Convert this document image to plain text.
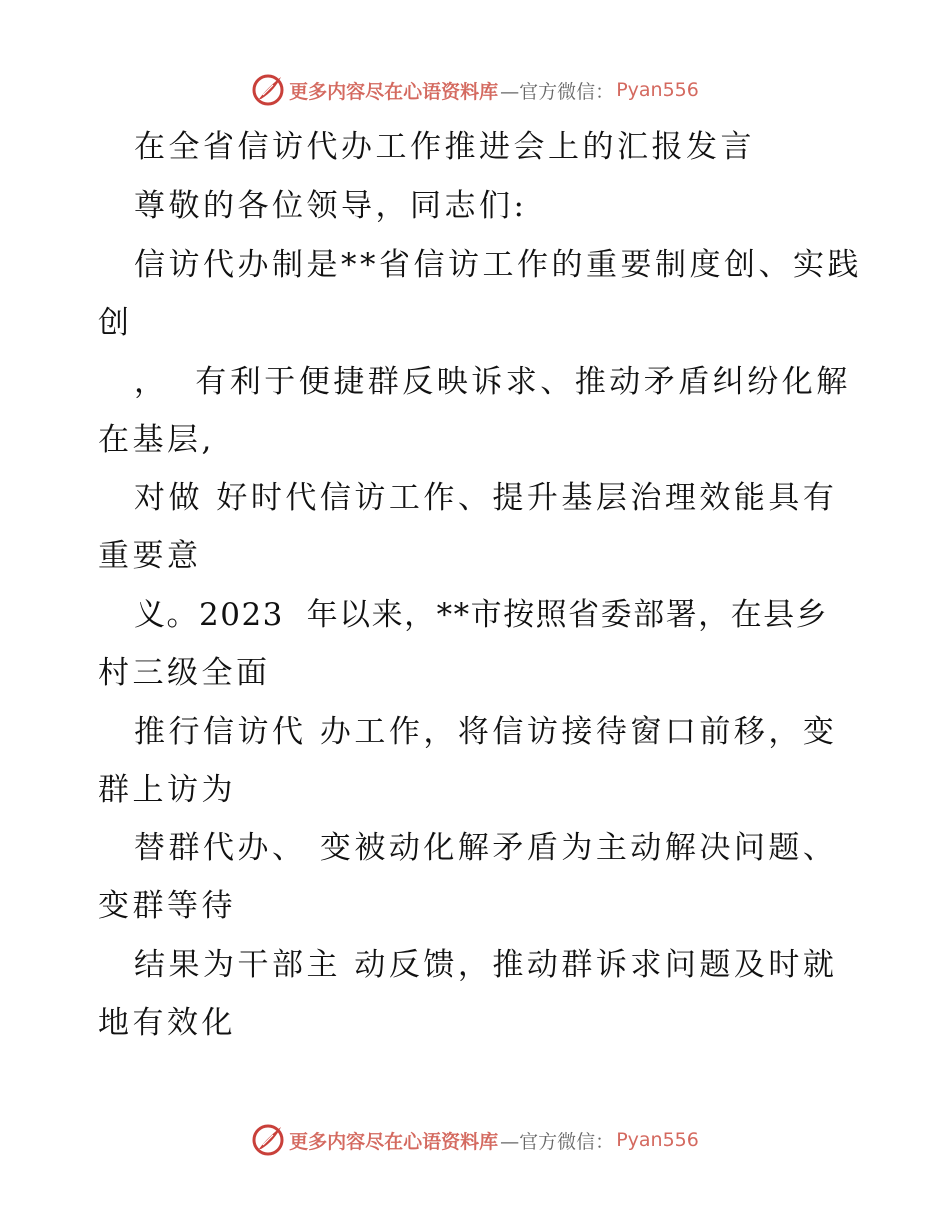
更多内容尽在心语资料库 —官方微信： Pyan556
在全省信访代办工作推进会上的汇报发言
尊敬的各位领导，同志们:
信访代办制是**省信访工作的重要制度创、实践
创
，  有利于便捷群反映诉求、推动矛盾纠纷化解
在基层,
对做 好时代信访工作、提升基层治理效能具有
重要意
义。2023  年以来，**市按照省委部署，在县乡
村三级全面
推行信访代 办工作，将信访接待窗口前移，变
群上访为
替群代办、 变被动化解矛盾为主动解决问题、
变群等待
结果为干部主 动反馈，推动群诉求问题及时就
地有效化
更多内容尽在心语资料库 —官方微信： Pyan556
